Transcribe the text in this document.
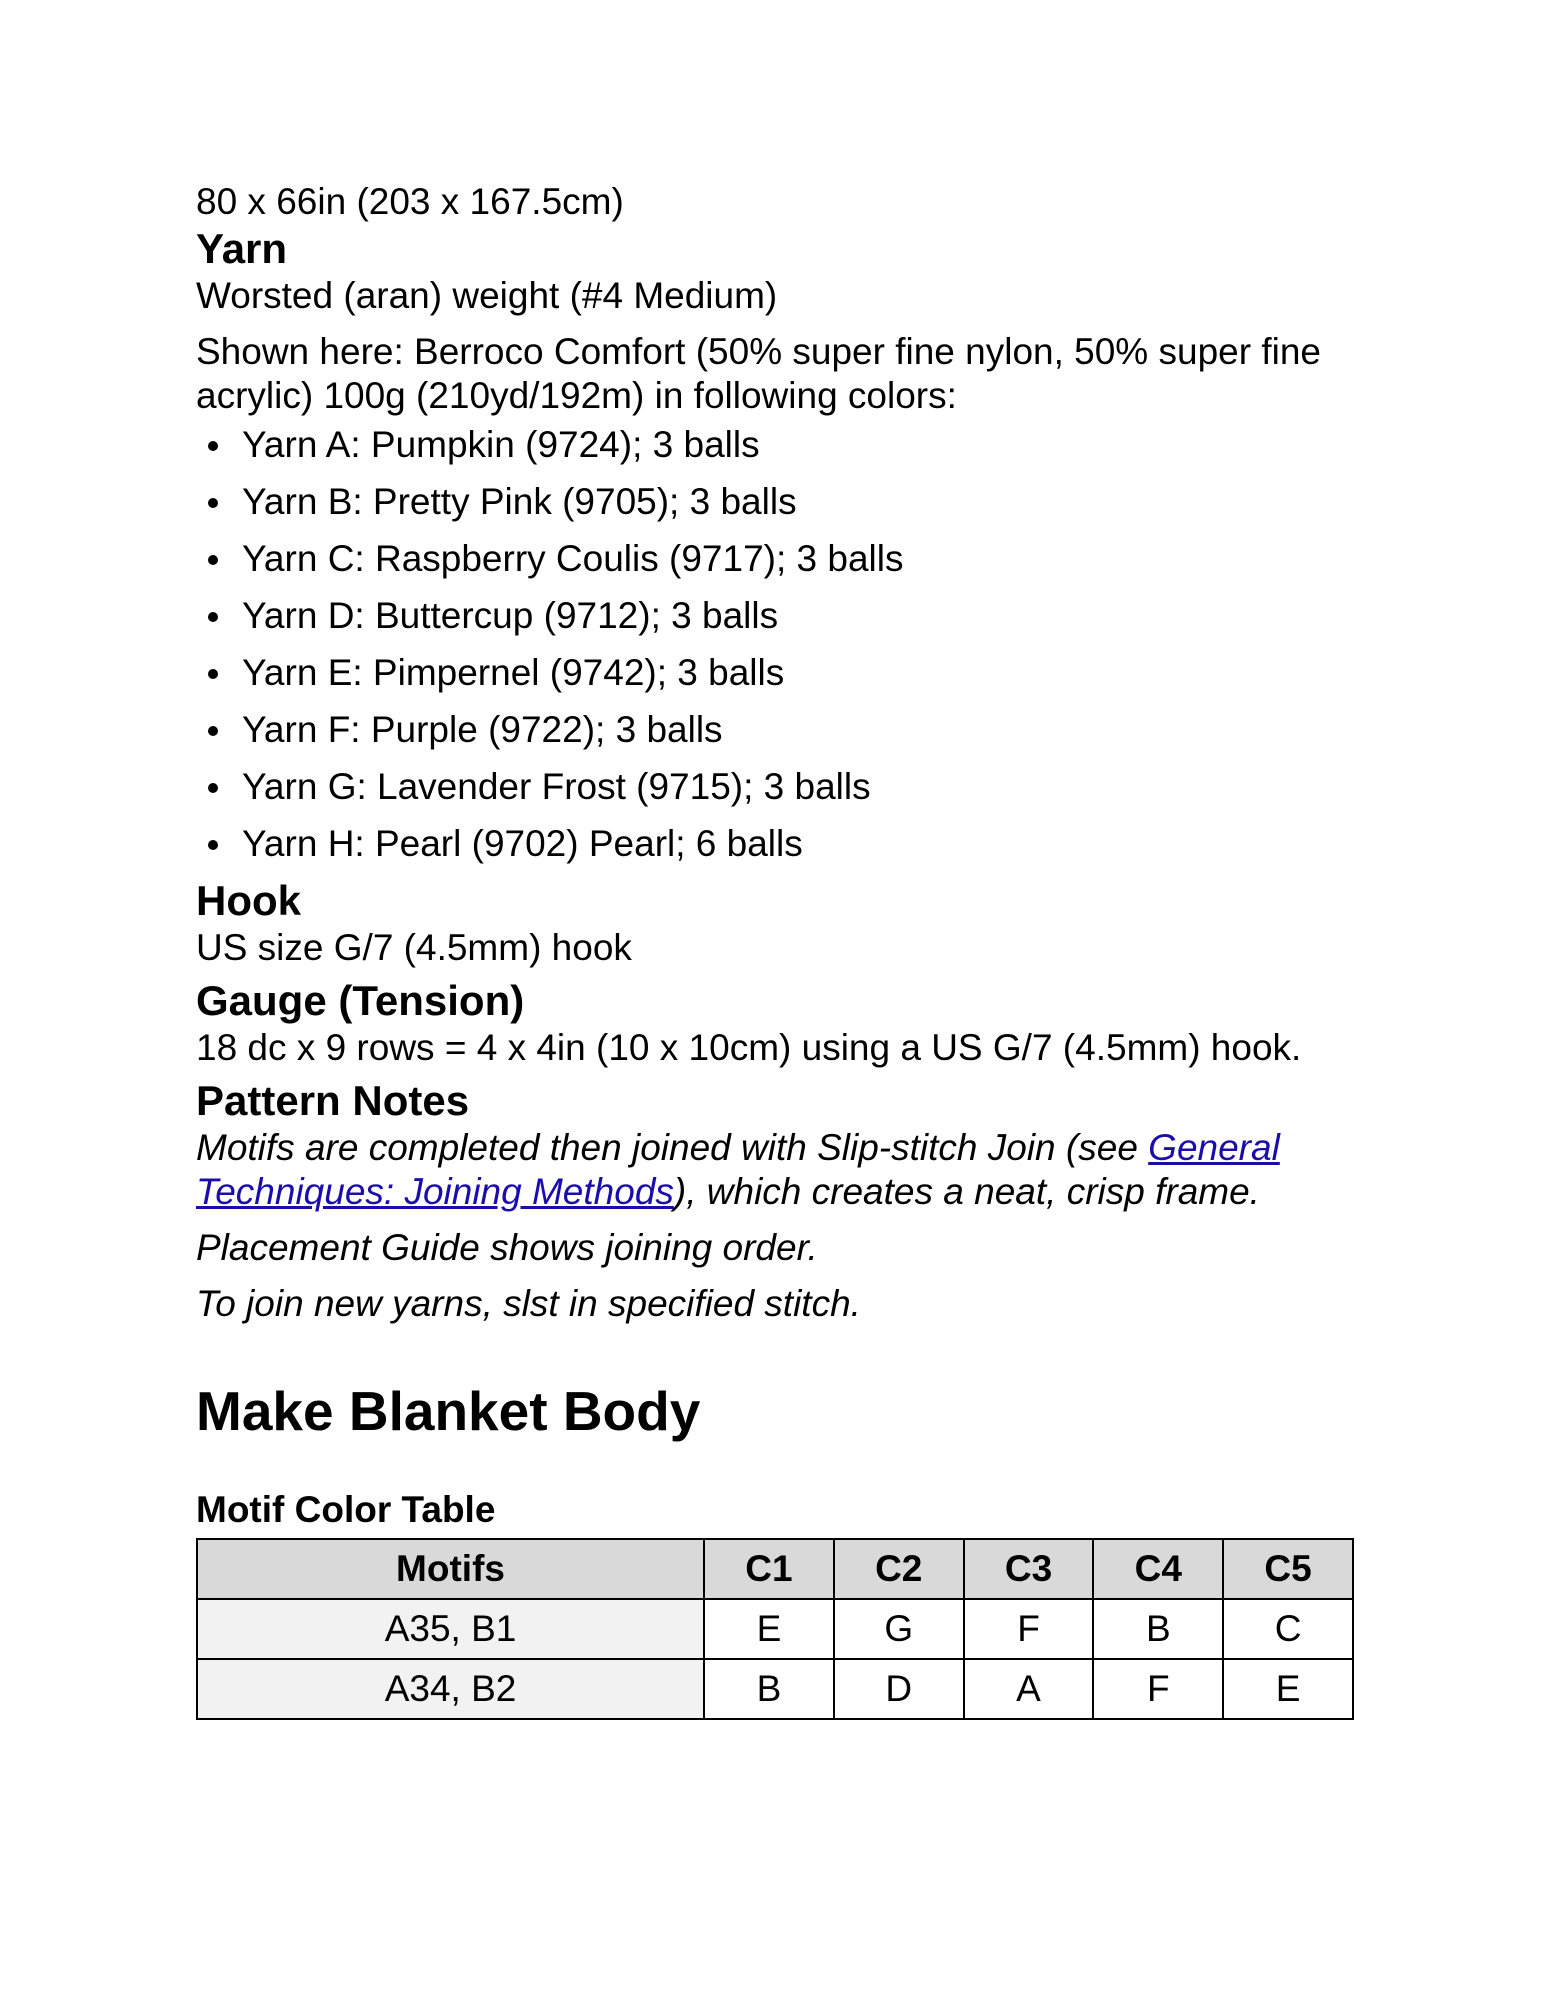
80 x 66in (203 x 167.5cm)

Yarn

Worsted (aran) weight (#4 Medium)

Shown here: Berroco Comfort (50% super fine nylon, 50% super fine acrylic) 100g (210yd/192m) in following colors:

Yarn A: Pumpkin (9724); 3 balls
Yarn B: Pretty Pink (9705); 3 balls
Yarn C: Raspberry Coulis (9717); 3 balls
Yarn D: Buttercup (9712); 3 balls
Yarn E: Pimpernel (9742); 3 balls
Yarn F: Purple (9722); 3 balls
Yarn G: Lavender Frost (9715); 3 balls
Yarn H: Pearl (9702) Pearl; 6 balls
Hook

US size G/7 (4.5mm) hook

Gauge (Tension)

18 dc x 9 rows = 4 x 4in (10 x 10cm) using a US G/7 (4.5mm) hook.

Pattern Notes

Motifs are completed then joined with Slip-stitch Join (see General Techniques: Joining Methods), which creates a neat, crisp frame.

Placement Guide shows joining order.

To join new yarns, slst in specified stitch.

Make Blanket Body

Motif Color Table

Motifs	C1	C2	C3	C4	C5
A35, B1	E	G	F	B	C
A34, B2	B	D	A	F	E
